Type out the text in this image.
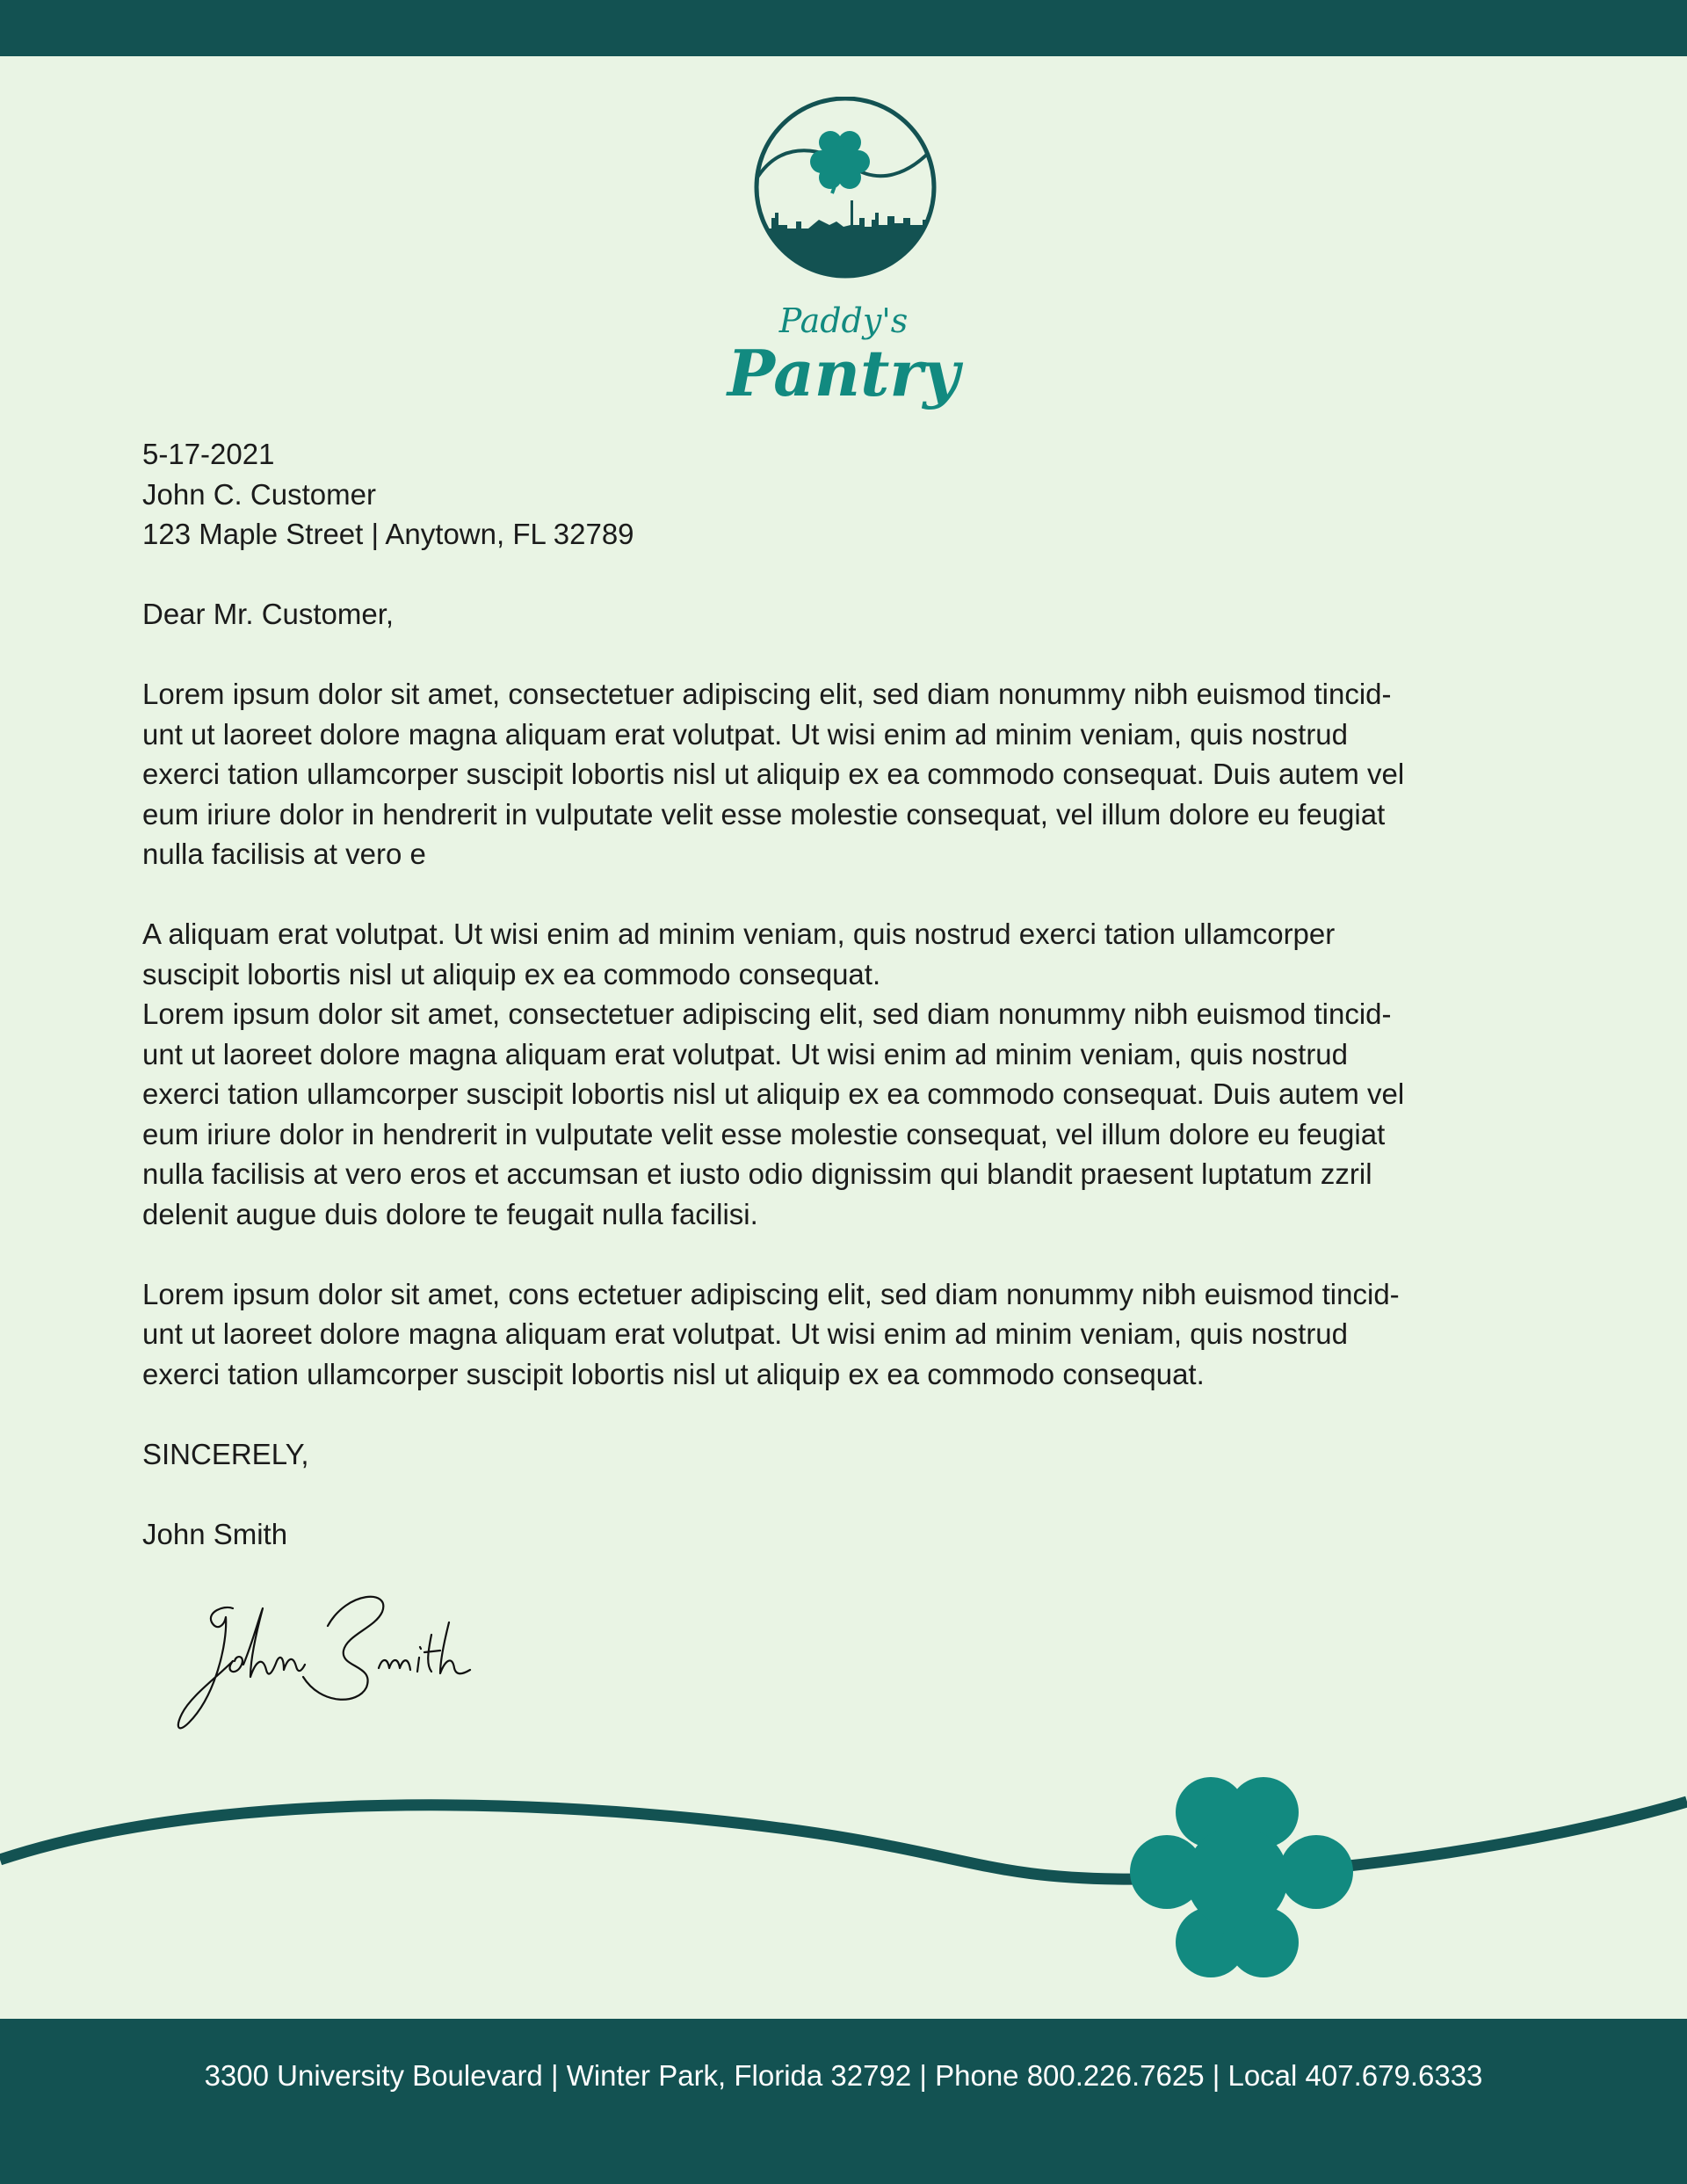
Paddy's
Pantry
5-17-2021
John C. Customer
123 Maple Street | Anytown, FL 32789
Dear Mr. Customer,

Lorem ipsum dolor sit amet, consectetuer adipiscing elit, sed diam nonummy nibh euismod tincid-
unt ut laoreet dolore magna aliquam erat volutpat. Ut wisi enim ad minim veniam, quis nostrud
exerci tation ullamcorper suscipit lobortis nisl ut aliquip ex ea commodo consequat. Duis autem vel
eum iriure dolor in hendrerit in vulputate velit esse molestie consequat, vel illum dolore eu feugiat
nulla facilisis at vero e

A aliquam erat volutpat. Ut wisi enim ad minim veniam, quis nostrud exerci tation ullamcorper
suscipit lobortis nisl ut aliquip ex ea commodo consequat.
Lorem ipsum dolor sit amet, consectetuer adipiscing elit, sed diam nonummy nibh euismod tincid-
unt ut laoreet dolore magna aliquam erat volutpat. Ut wisi enim ad minim veniam, quis nostrud
exerci tation ullamcorper suscipit lobortis nisl ut aliquip ex ea commodo consequat. Duis autem vel
eum iriure dolor in hendrerit in vulputate velit esse molestie consequat, vel illum dolore eu feugiat
nulla facilisis at vero eros et accumsan et iusto odio dignissim qui blandit praesent luptatum zzril
delenit augue duis dolore te feugait nulla facilisi.

Lorem ipsum dolor sit amet, cons ectetuer adipiscing elit, sed diam nonummy nibh euismod tincid-
unt ut laoreet dolore magna aliquam erat volutpat. Ut wisi enim ad minim veniam, quis nostrud
exerci tation ullamcorper suscipit lobortis nisl ut aliquip ex ea commodo consequat.

SINCERELY,
John Smith
3300 University Boulevard | Winter Park, Florida 32792 | Phone 800.226.7625 | Local 407.679.6333
